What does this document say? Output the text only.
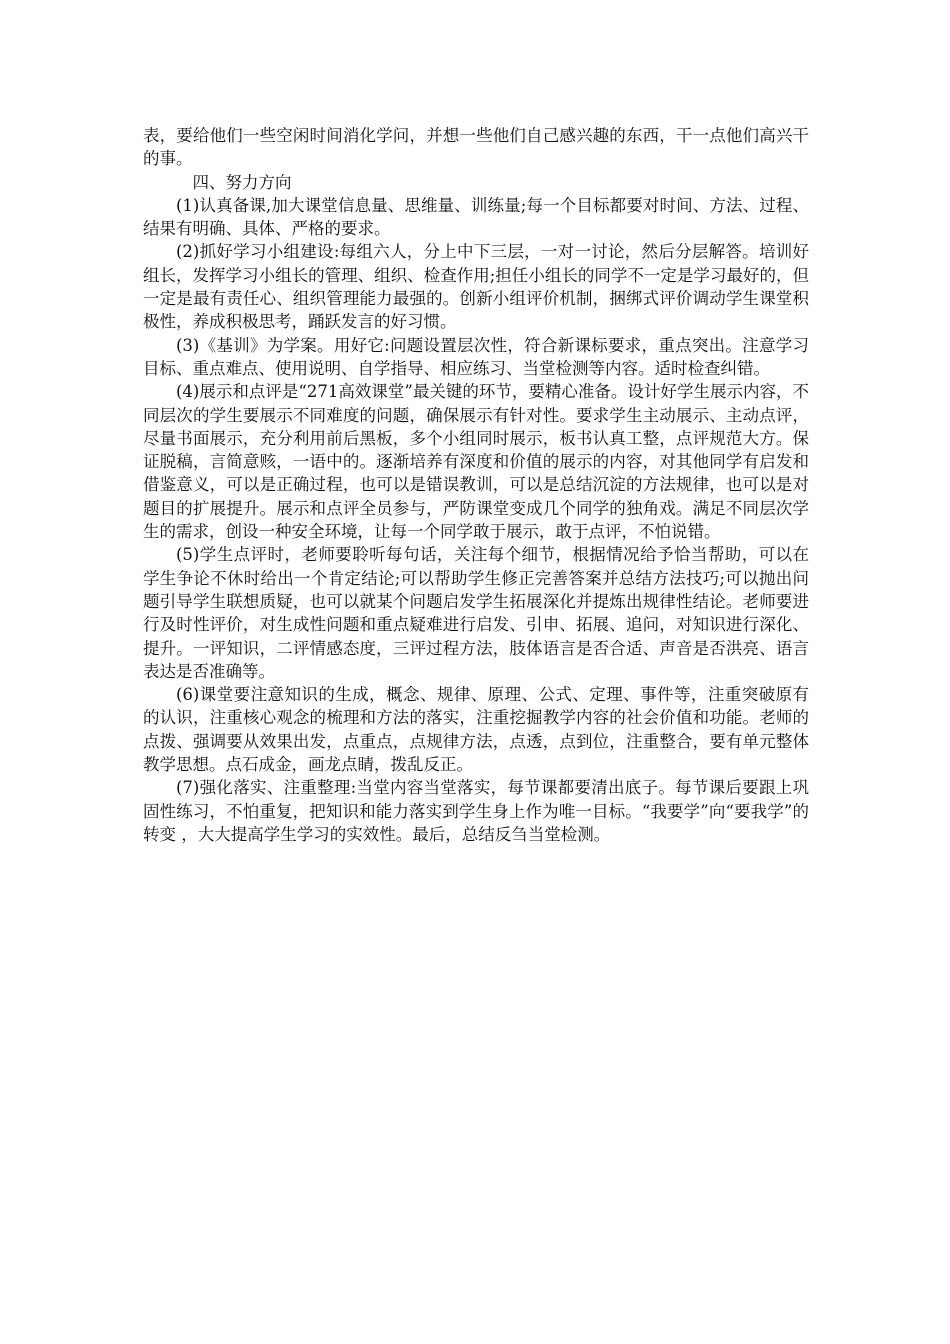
表，要给他们一些空闲时间消化学问，并想一些他们自己感兴趣的东西，干一点他们高兴干的事。

四、努力方向

(1)认真备课,加大课堂信息量、思维量、训练量;每一个目标都要对时间、方法、过程、结果有明确、具体、严格的要求。

(2)抓好学习小组建设:每组六人，分上中下三层，一对一讨论，然后分层解答。培训好组长，发挥学习小组长的管理、组织、检查作用;担任小组长的同学不一定是学习最好的，但一定是最有责任心、组织管理能力最强的。创新小组评价机制，捆绑式评价调动学生课堂积极性，养成积极思考，踊跃发言的好习惯。

(3)《基训》为学案。用好它:问题设置层次性，符合新课标要求，重点突出。注意学习目标、重点难点、使用说明、自学指导、相应练习、当堂检测等内容。适时检查纠错。

(4)展示和点评是“271高效课堂”最关键的环节，要精心准备。设计好学生展示内容，不同层次的学生要展示不同难度的问题，确保展示有针对性。要求学生主动展示、主动点评，尽量书面展示，充分利用前后黑板，多个小组同时展示，板书认真工整，点评规范大方。保证脱稿，言简意赅，一语中的。逐渐培养有深度和价值的展示的内容，对其他同学有启发和借鉴意义，可以是正确过程，也可以是错误教训，可以是总结沉淀的方法规律，也可以是对题目的扩展提升。展示和点评全员参与，严防课堂变成几个同学的独角戏。满足不同层次学生的需求，创设一种安全环境，让每一个同学敢于展示，敢于点评，不怕说错。

(5)学生点评时，老师要聆听每句话，关注每个细节，根据情况给予恰当帮助，可以在学生争论不休时给出一个肯定结论;可以帮助学生修正完善答案并总结方法技巧;可以抛出问题引导学生联想质疑，也可以就某个问题启发学生拓展深化并提炼出规律性结论。老师要进行及时性评价，对生成性问题和重点疑难进行启发、引申、拓展、追问，对知识进行深化、提升。一评知识，二评情感态度，三评过程方法，肢体语言是否合适、声音是否洪亮、语言表达是否准确等。

(6)课堂要注意知识的生成，概念、规律、原理、公式、定理、事件等，注重突破原有的认识，注重核心观念的梳理和方法的落实，注重挖掘教学内容的社会价值和功能。老师的点拨、强调要从效果出发，点重点，点规律方法，点透，点到位，注重整合，要有单元整体教学思想。点石成金，画龙点睛，拨乱反正。

(7)强化落实、注重整理:当堂内容当堂落实，每节课都要清出底子。每节课后要跟上巩固性练习，不怕重复，把知识和能力落实到学生身上作为唯一目标。“我要学”向“要我学”的转变 ，大大提高学生学习的实效性。最后，总结反刍当堂检测。
